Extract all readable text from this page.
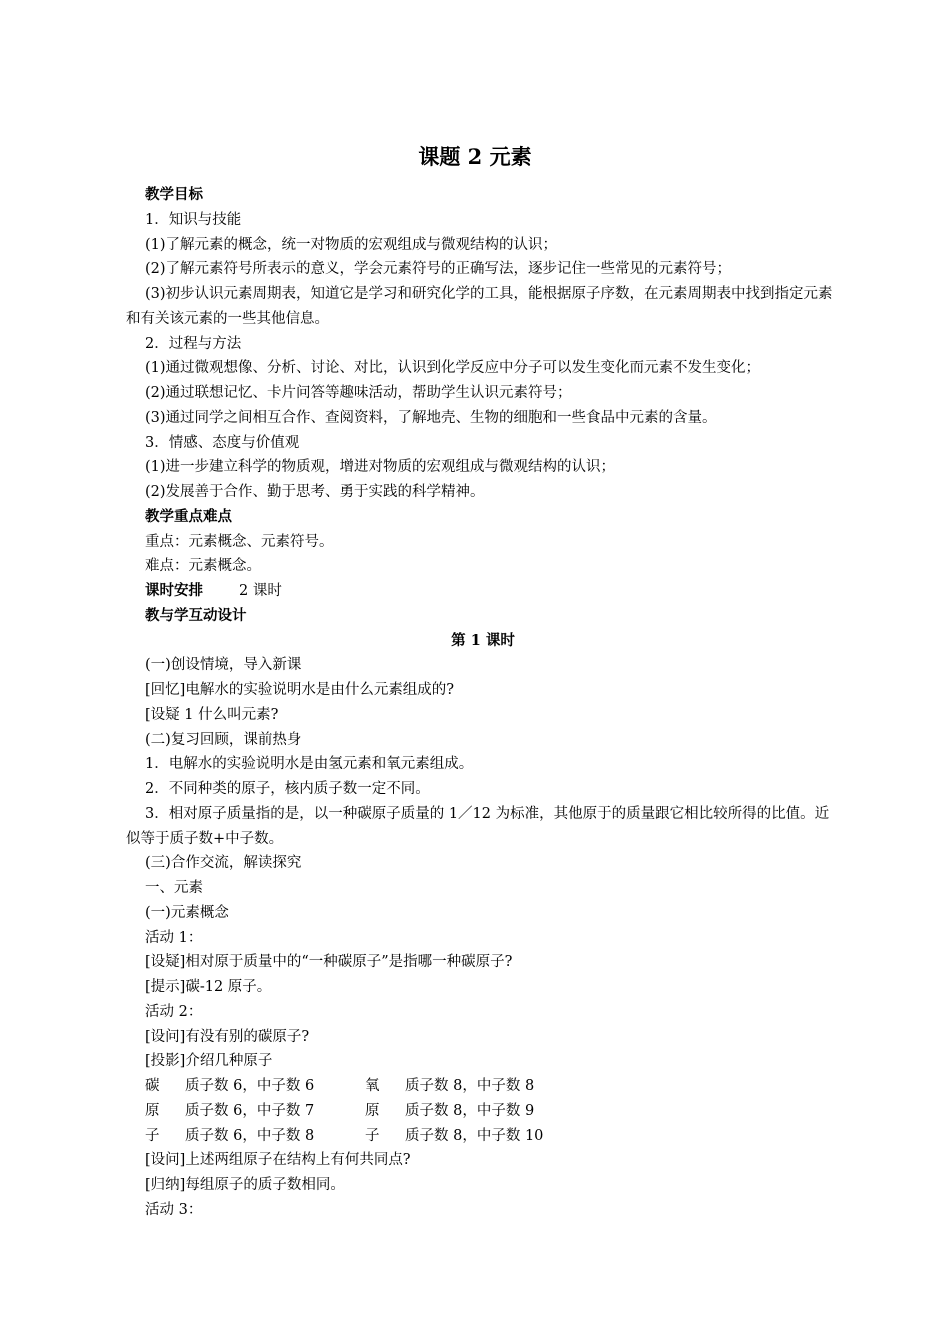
课题 2 元素
教学目标
1．知识与技能
(1)了解元素的概念，统一对物质的宏观组成与微观结构的认识；
(2)了解元素符号所表示的意义，学会元素符号的正确写法，逐步记住一些常见的元素符号；
(3)初步认识元素周期表，知道它是学习和研究化学的工具，能根据原子序数，在元素周期表中找到指定元素和有关该元素的一些其他信息。
2．过程与方法
(1)通过微观想像、分析、讨论、对比，认识到化学反应中分子可以发生变化而元素不发生变化；
(2)通过联想记忆、卡片问答等趣味活动，帮助学生认识元素符号；
(3)通过同学之间相互合作、查阅资料，了解地壳、生物的细胞和一些食品中元素的含量。
3．情感、态度与价值观
(1)进一步建立科学的物质观，增进对物质的宏观组成与微观结构的认识；
(2)发展善于合作、勤于思考、勇于实践的科学精神。
教学重点难点
重点：元素概念、元素符号。
难点：元素概念。
课时安排 2 课时
教与学互动设计
第 1 课时
(一)创设情境，导入新课
[回忆]电解水的实验说明水是由什么元素组成的?
[设疑 1 什么叫元素?
(二)复习回顾，课前热身
1．电解水的实验说明水是由氢元素和氧元素组成。
2．不同种类的原子，核内质子数一定不同。
3．相对原子质量指的是，以一种碳原子质量的 1／12 为标准，其他原于的质量跟它相比较所得的比值。近似等于质子数+中子数。
(三)合作交流，解读探究
一、元素
(一)元素概念
活动 1：
[设疑]相对原于质量中的“一种碳原子”是指哪一种碳原子?
[提示]碳-12 原子。
活动 2：
[设问]有没有别的碳原子?
[投影]介绍几种原子
碳 质子数 6，中子数 6	氧 质子数 8，中子数 8
原 质子数 6，中子数 7	原 质子数 8，中子数 9
子 质子数 6，中子数 8	子 质子数 8，中子数 10
[设问]上述两组原子在结构上有何共同点?
[归纳]每组原子的质子数相同。
活动 3：
